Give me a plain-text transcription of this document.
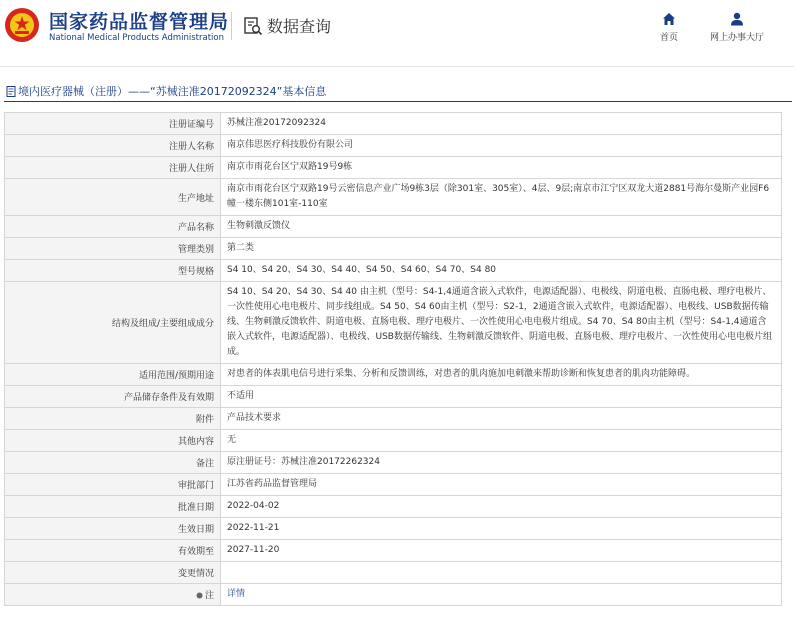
国家药品监督管理局
National Medical Products Administration
数据查询
首页	网上办事大厅
境内医疗器械（注册）——“苏械注准20172092324”基本信息
注册证编号	苏械注准20172092324
注册人名称	南京伟思医疗科技股份有限公司
注册人住所	南京市雨花台区宁双路19号9栋
生产地址	南京市雨花台区宁双路19号云密信息产业广场9栋3层（除301室、305室）、4层、9层;南京市江宁区双龙大道2881号海尔曼斯产业园F6幢一楼东侧101室-110室
产品名称	生物刺激反馈仪
管理类别	第二类
型号规格	S4 10、S4 20、S4 30、S4 40、S4 50、S4 60、S4 70、S4 80
结构及组成/主要组成成分	S4 10、S4 20、S4 30、S4 40 由主机（型号：S4-1,4通道含嵌入式软件，电源适配器）、电极线、阴道电极、直肠电极、理疗电极片、一次性使用心电电极片、同步线组成。S4 50、S4 60由主机（型号：S2-1，2通道含嵌入式软件，电源适配器）、电极线、USB数据传输线、生物刺激反馈软件、阴道电极、直肠电极、理疗电极片、一次性使用心电电极片组成。S4 70、S4 80由主机（型号：S4-1,4通道含嵌入式软件，电源适配器）、电极线、USB数据传输线、生物刺激反馈软件、阴道电极、直肠电极、理疗电极片、一次性使用心电电极片组成。
适用范围/预期用途	对患者的体表肌电信号进行采集、分析和反馈训练，对患者的肌肉施加电刺激来帮助诊断和恢复患者的肌肉功能障碍。
产品储存条件及有效期	不适用
附件	产品技术要求
其他内容	无
备注	原注册证号：苏械注准20172262324
审批部门	江苏省药品监督管理局
批准日期	2022-04-02
生效日期	2022-11-21
有效期至	2027-11-20
变更情况	
注	详情
